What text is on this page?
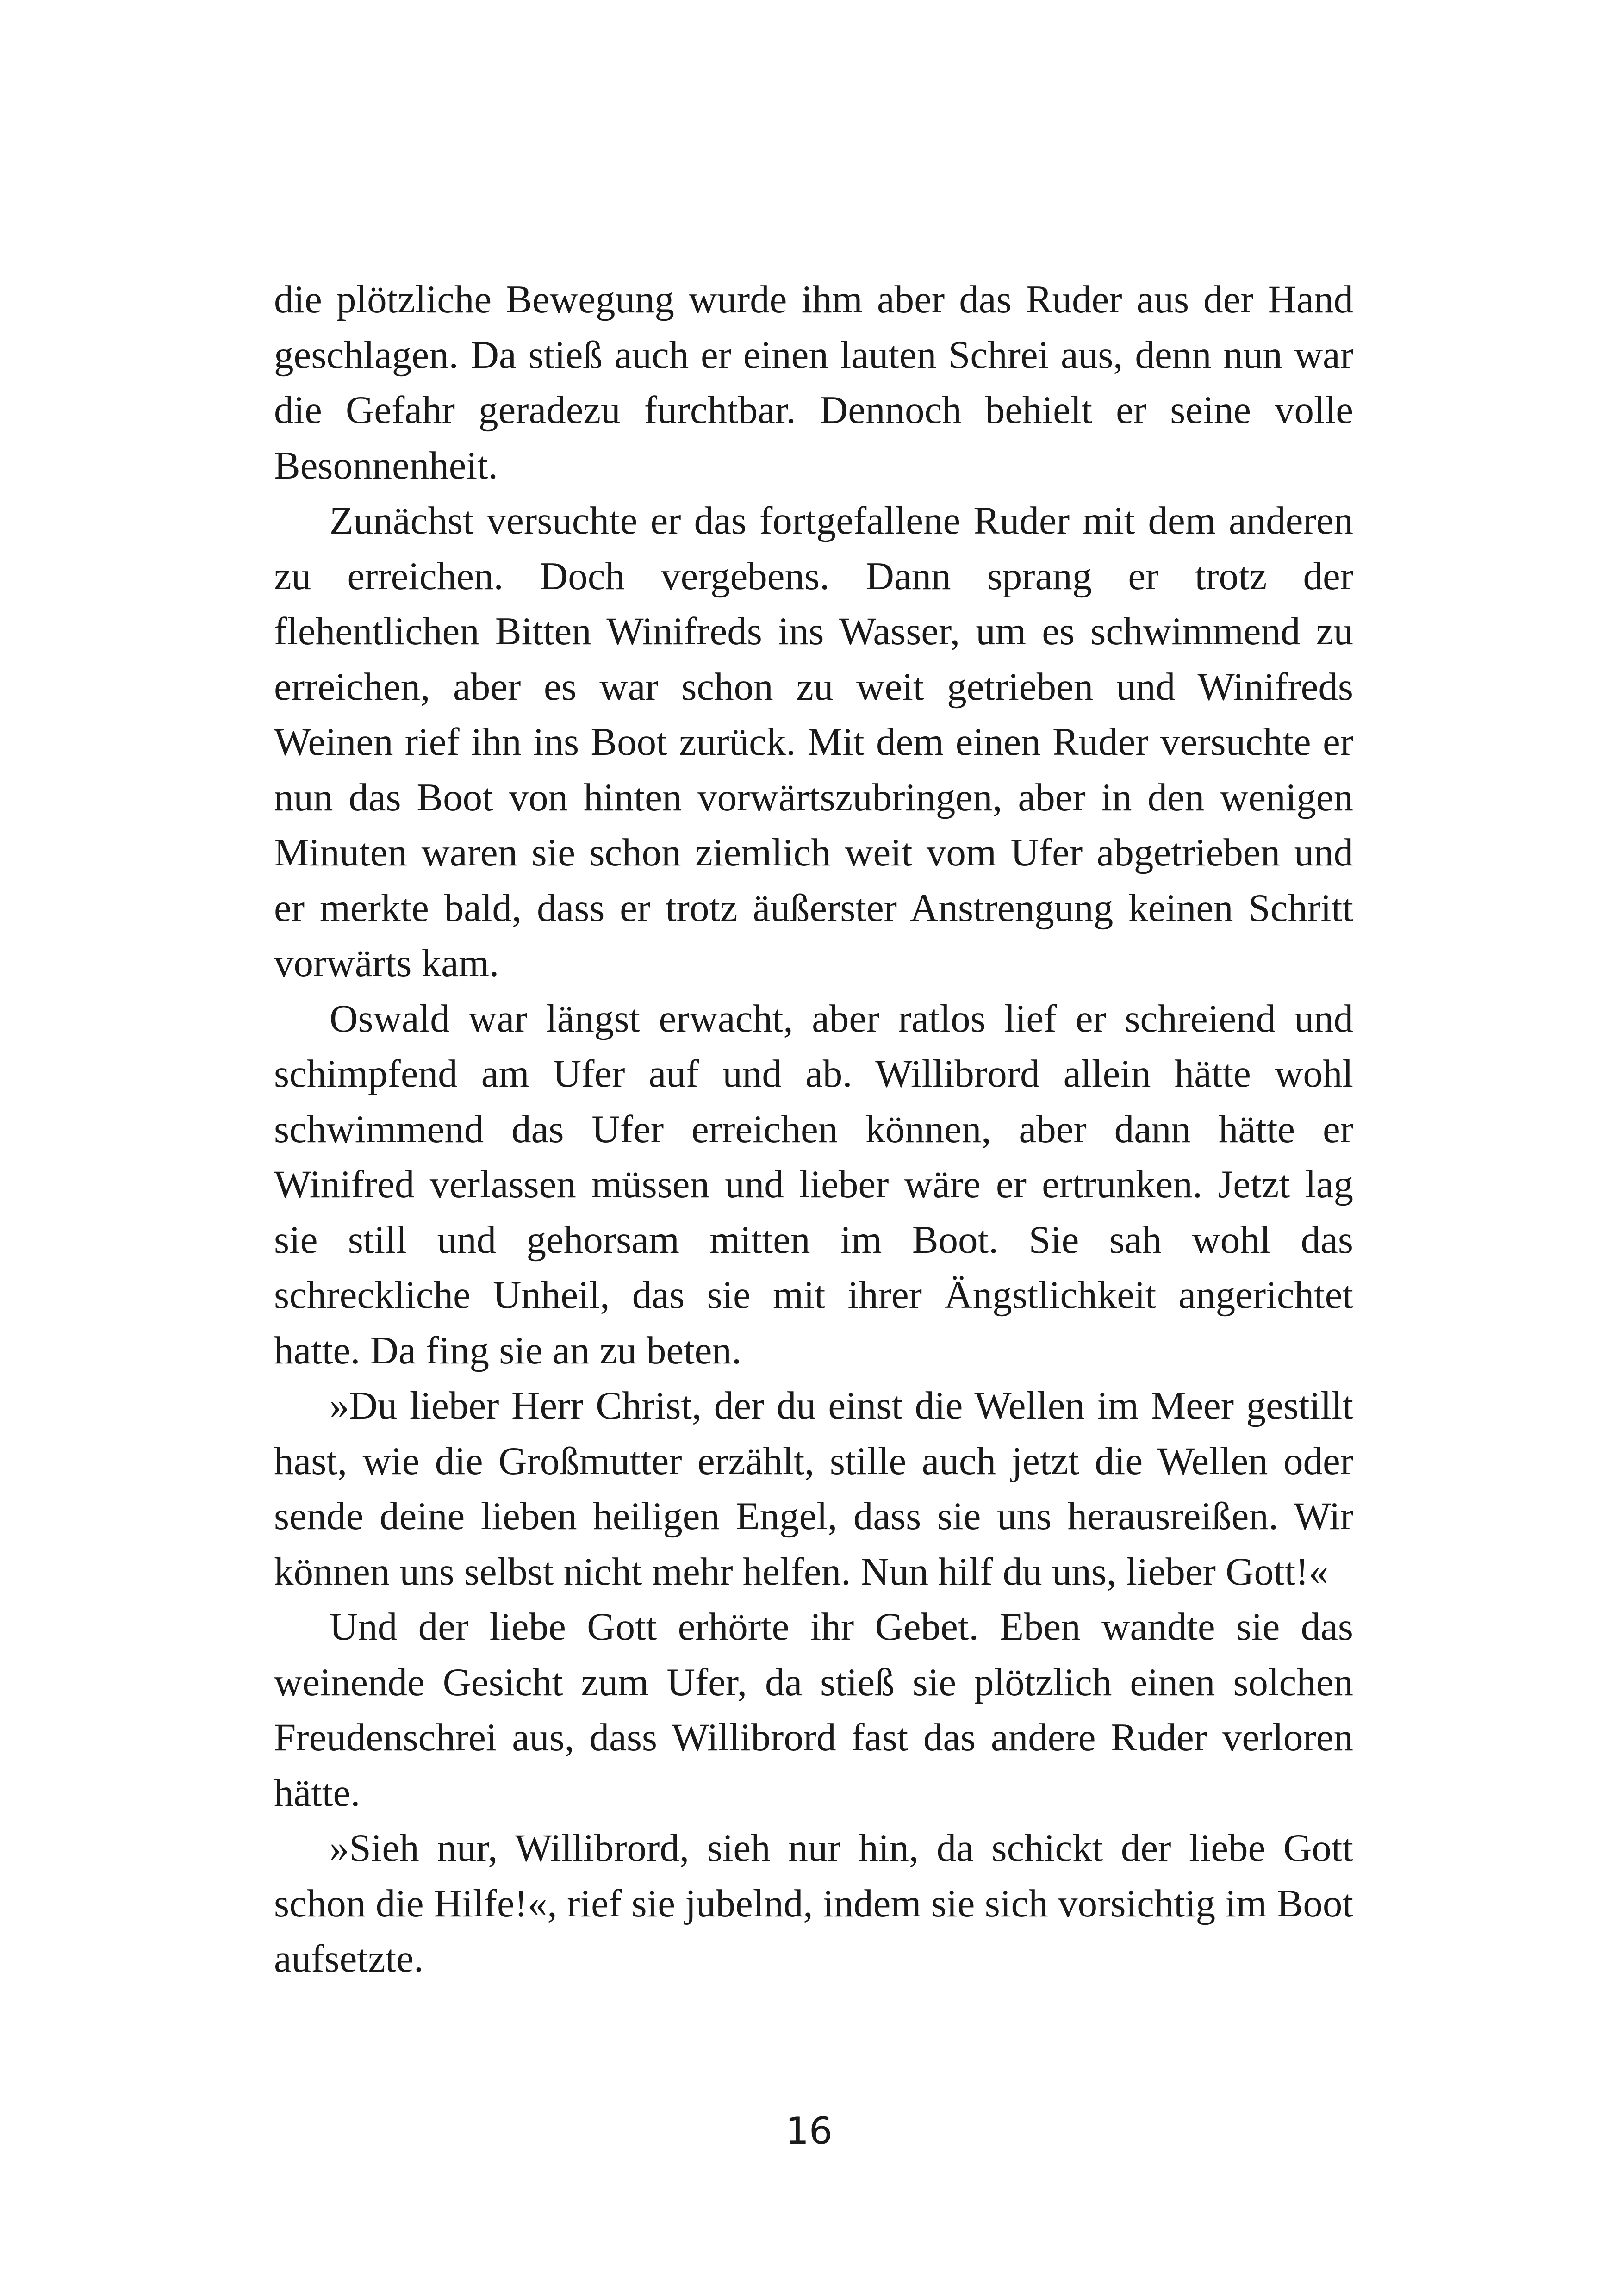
die plötzliche Bewegung wurde ihm aber das Ruder aus der Hand geschlagen. Da stieß auch er einen lauten Schrei aus, denn nun war die Gefahr geradezu furchtbar. Dennoch behielt er seine volle Besonnenheit.

Zunächst versuchte er das fortgefallene Ruder mit dem anderen zu erreichen. Doch vergebens. Dann sprang er trotz der flehentlichen Bitten Winifreds ins Wasser, um es schwimmend zu erreichen, aber es war schon zu weit getrieben und Winifreds Weinen rief ihn ins Boot zurück. Mit dem einen Ruder versuchte er nun das Boot von hinten vorwärtszubringen, aber in den wenigen Minuten waren sie schon ziemlich weit vom Ufer abgetrieben und er merkte bald, dass er trotz äußerster Anstrengung keinen Schritt vorwärts kam.

Oswald war längst erwacht, aber ratlos lief er schreiend und schimpfend am Ufer auf und ab. Willibrord allein hätte wohl schwimmend das Ufer erreichen können, aber dann hätte er Winifred verlassen müssen und lieber wäre er ertrunken. Jetzt lag sie still und gehorsam mitten im Boot. Sie sah wohl das schreckliche Unheil, das sie mit ihrer Ängstlichkeit angerichtet hatte. Da fing sie an zu beten.

»Du lieber Herr Christ, der du einst die Wellen im Meer gestillt hast, wie die Großmutter erzählt, stille auch jetzt die Wellen oder sende deine lieben heiligen Engel, dass sie uns herausreißen. Wir können uns selbst nicht mehr helfen. Nun hilf du uns, lieber Gott!«

Und der liebe Gott erhörte ihr Gebet. Eben wandte sie das weinende Gesicht zum Ufer, da stieß sie plötzlich einen solchen Freudenschrei aus, dass Willibrord fast das andere Ruder verloren hätte.

»Sieh nur, Willibrord, sieh nur hin, da schickt der liebe Gott schon die Hilfe!«, rief sie jubelnd, indem sie sich vorsichtig im Boot aufsetzte.

16
